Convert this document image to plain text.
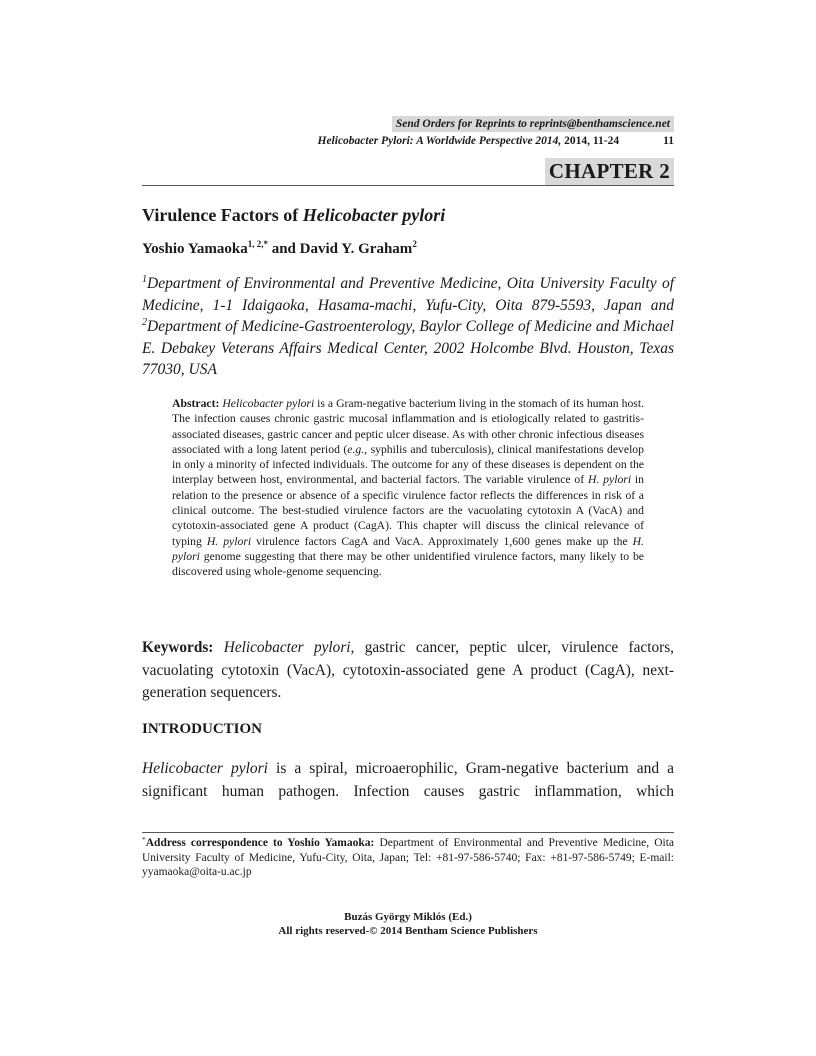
Send Orders for Reprints to reprints@benthamscience.net
Helicobacter Pylori: A Worldwide Perspective 2014, 2014, 11-24	11
CHAPTER 2
Virulence Factors of Helicobacter pylori
Yoshio Yamaoka$^{1, 2,*}$ and David Y. Graham$^2$
$^1$Department of Environmental and Preventive Medicine, Oita University Faculty of Medicine, 1-1 Idaigaoka, Hasama-machi, Yufu-City, Oita 879-5593, Japan and $^2$Department of Medicine-Gastroenterology, Baylor College of Medicine and Michael E. Debakey Veterans Affairs Medical Center, 2002 Holcombe Blvd. Houston, Texas 77030, USA
Abstract: Helicobacter pylori is a Gram-negative bacterium living in the stomach of its human host. The infection causes chronic gastric mucosal inflammation and is etiologically related to gastritis-associated diseases, gastric cancer and peptic ulcer disease. As with other chronic infectious diseases associated with a long latent period (e.g., syphilis and tuberculosis), clinical manifestations develop in only a minority of infected individuals. The outcome for any of these diseases is dependent on the interplay between host, environmental, and bacterial factors. The variable virulence of H. pylori in relation to the presence or absence of a specific virulence factor reflects the differences in risk of a clinical outcome. The best-studied virulence factors are the vacuolating cytotoxin A (VacA) and cytotoxin-associated gene A product (CagA). This chapter will discuss the clinical relevance of typing H. pylori virulence factors CagA and VacA. Approximately 1,600 genes make up the H. pylori genome suggesting that there may be other unidentified virulence factors, many likely to be discovered using whole-genome sequencing.
Keywords: Helicobacter pylori, gastric cancer, peptic ulcer, virulence factors, vacuolating cytotoxin (VacA), cytotoxin-associated gene A product (CagA), next-generation sequencers.
INTRODUCTION
Helicobacter pylori is a spiral, microaerophilic, Gram-negative bacterium and a significant human pathogen. Infection causes gastric inflammation, which
*Address correspondence to Yoshio Yamaoka: Department of Environmental and Preventive Medicine, Oita University Faculty of Medicine, Yufu-City, Oita, Japan; Tel: +81-97-586-5740; Fax: +81-97-586-5749; E-mail: yyamaoka@oita-u.ac.jp
Buzás György Miklós (Ed.)
All rights reserved-© 2014 Bentham Science Publishers
